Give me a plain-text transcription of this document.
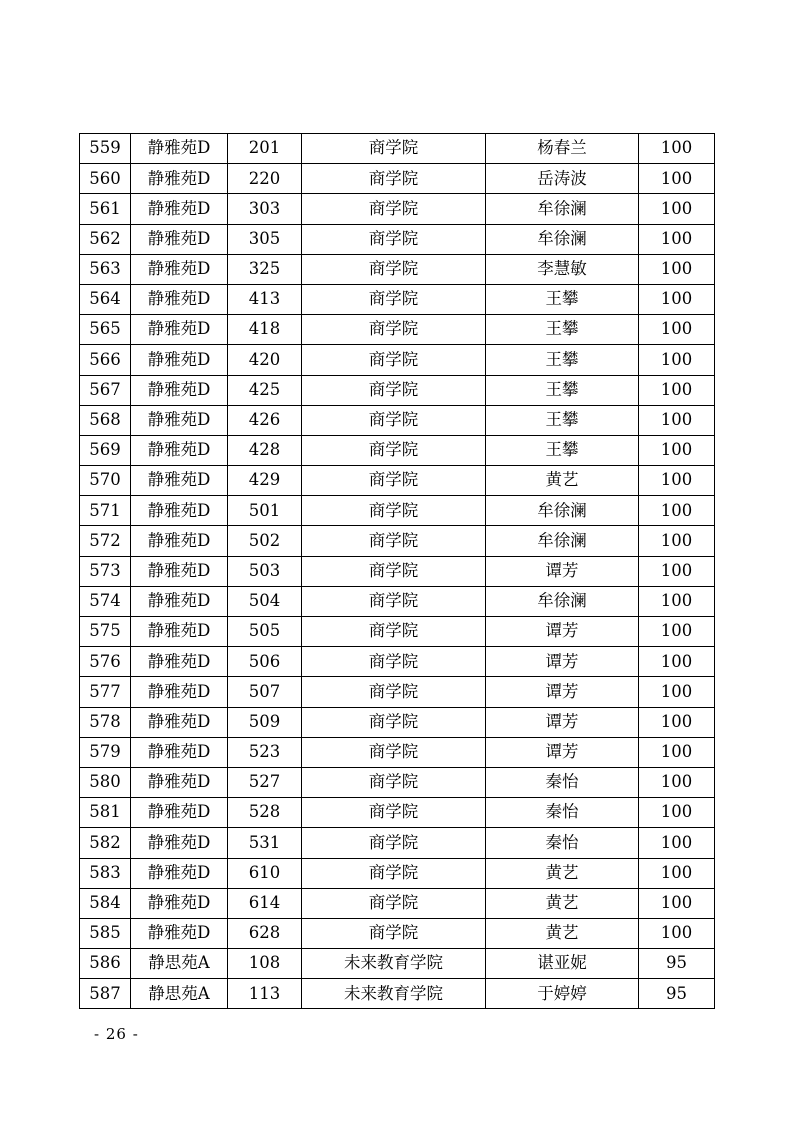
559	静雅苑D	201	商学院	杨春兰	100
560	静雅苑D	220	商学院	岳涛波	100
561	静雅苑D	303	商学院	牟徐澜	100
562	静雅苑D	305	商学院	牟徐澜	100
563	静雅苑D	325	商学院	李慧敏	100
564	静雅苑D	413	商学院	王攀	100
565	静雅苑D	418	商学院	王攀	100
566	静雅苑D	420	商学院	王攀	100
567	静雅苑D	425	商学院	王攀	100
568	静雅苑D	426	商学院	王攀	100
569	静雅苑D	428	商学院	王攀	100
570	静雅苑D	429	商学院	黄艺	100
571	静雅苑D	501	商学院	牟徐澜	100
572	静雅苑D	502	商学院	牟徐澜	100
573	静雅苑D	503	商学院	谭芳	100
574	静雅苑D	504	商学院	牟徐澜	100
575	静雅苑D	505	商学院	谭芳	100
576	静雅苑D	506	商学院	谭芳	100
577	静雅苑D	507	商学院	谭芳	100
578	静雅苑D	509	商学院	谭芳	100
579	静雅苑D	523	商学院	谭芳	100
580	静雅苑D	527	商学院	秦怡	100
581	静雅苑D	528	商学院	秦怡	100
582	静雅苑D	531	商学院	秦怡	100
583	静雅苑D	610	商学院	黄艺	100
584	静雅苑D	614	商学院	黄艺	100
585	静雅苑D	628	商学院	黄艺	100
586	静思苑A	108	未来教育学院	谌亚妮	95
587	静思苑A	113	未来教育学院	于婷婷	95
- 26 -
